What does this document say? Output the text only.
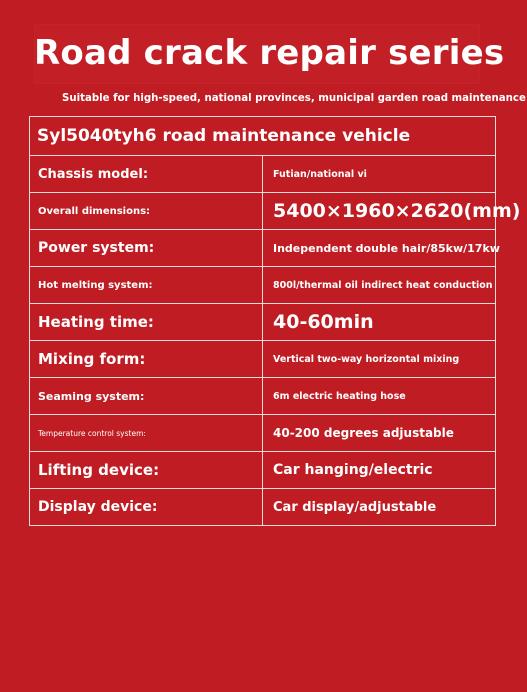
Road crack repair series
Suitable for high-speed, national provinces, municipal garden road maintenance
Syl5040tyh6 road maintenance vehicle	
Chassis model:	Futian/national vi
Overall dimensions:	5400×1960×2620(mm)
Power system:	Independent double hair/85kw/17kw
Hot melting system:	800l/thermal oil indirect heat conduction
Heating time:	40-60min
Mixing form:	Vertical two-way horizontal mixing
Seaming system:	6m electric heating hose
Temperature control system:	40-200 degrees adjustable
Lifting device:	Car hanging/electric
Display device:	Car display/adjustable
